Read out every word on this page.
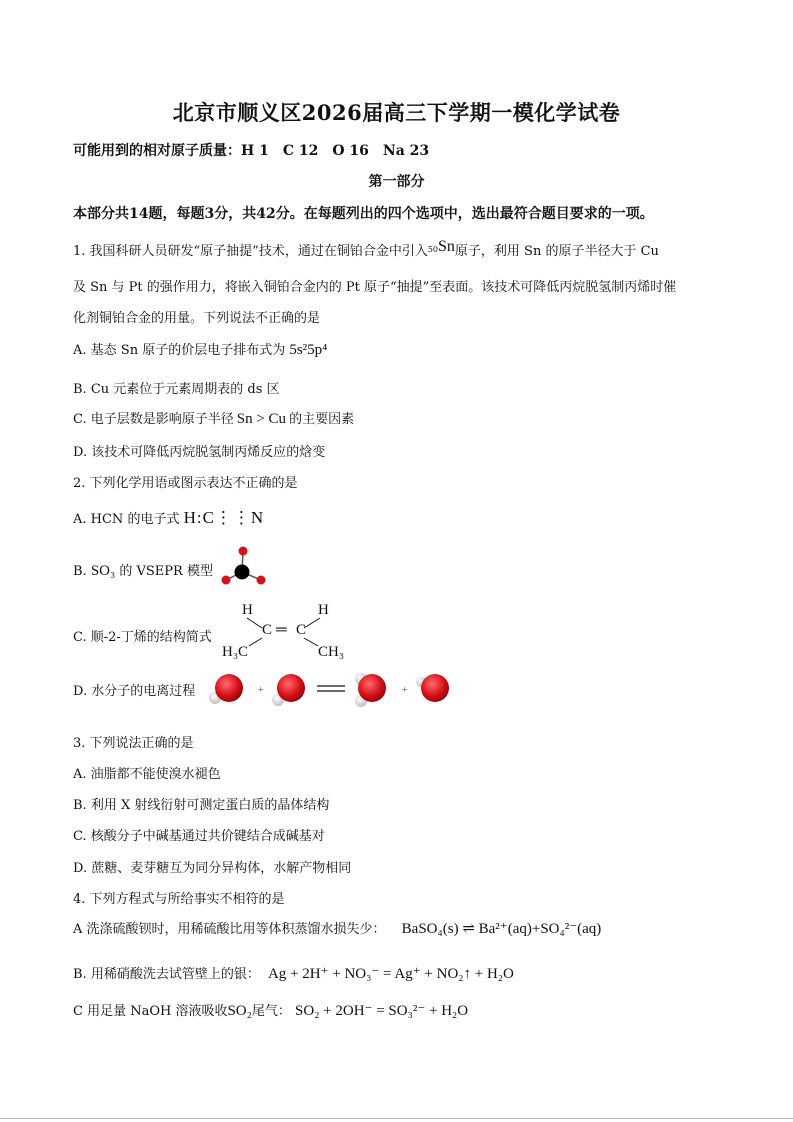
北京市顺义区2026届高三下学期一模化学试卷
可能用到的相对原子质量：H 1　C 12　O 16　Na 23
第一部分
本部分共14题，每题3分，共42分。在每题列出的四个选项中，选出最符合题目要求的一项。
1. 我国科研人员研发“原子抽提”技术，通过在铜铂合金中引入$^{50}$Sn原子，利用 Sn 的原子半径大于 Cu
及 Sn 与 Pt 的强作用力，将嵌入铜铂合金内的 Pt 原子“抽提”至表面。该技术可降低丙烷脱氢制丙烯时催
化剂铜铂合金的用量。下列说法不正确的是
A. 基态 Sn 原子的价层电子排布式为 5s²5p⁴
B. Cu 元素位于元素周期表的 ds 区
C. 电子层数是影响原子半径 Sn > Cu 的主要因素
D. 该技术可降低丙烷脱氢制丙烯反应的焓变
2. 下列化学用语或图示表达不正确的是
A. HCN 的电子式 H:C⋮⋮N
B. SO₃ 的 VSEPR 模型
C. 顺-2-丁烯的结构简式
H	H
C ═ C
H₃C	CH₃
D. 水分子的电离过程	+	+
3. 下列说法正确的是
A. 油脂都不能使溴水褪色
B. 利用 X 射线衍射可测定蛋白质的晶体结构
C. 核酸分子中碱基通过共价键结合成碱基对
D. 蔗糖、麦芽糖互为同分异构体，水解产物相同
4. 下列方程式与所给事实不相符的是
A 洗涤硫酸钡时，用稀硫酸比用等体积蒸馏水损失少： BaSO₄(s) ⇌ Ba²⁺(aq)+SO₄²⁻(aq)
B. 用稀硝酸洗去试管壁上的银： Ag + 2H⁺ + NO₃⁻ = Ag⁺ + NO₂↑ + H₂O
C 用足量 NaOH 溶液吸收SO₂尾气： SO₂ + 2OH⁻ = SO₃²⁻ + H₂O
